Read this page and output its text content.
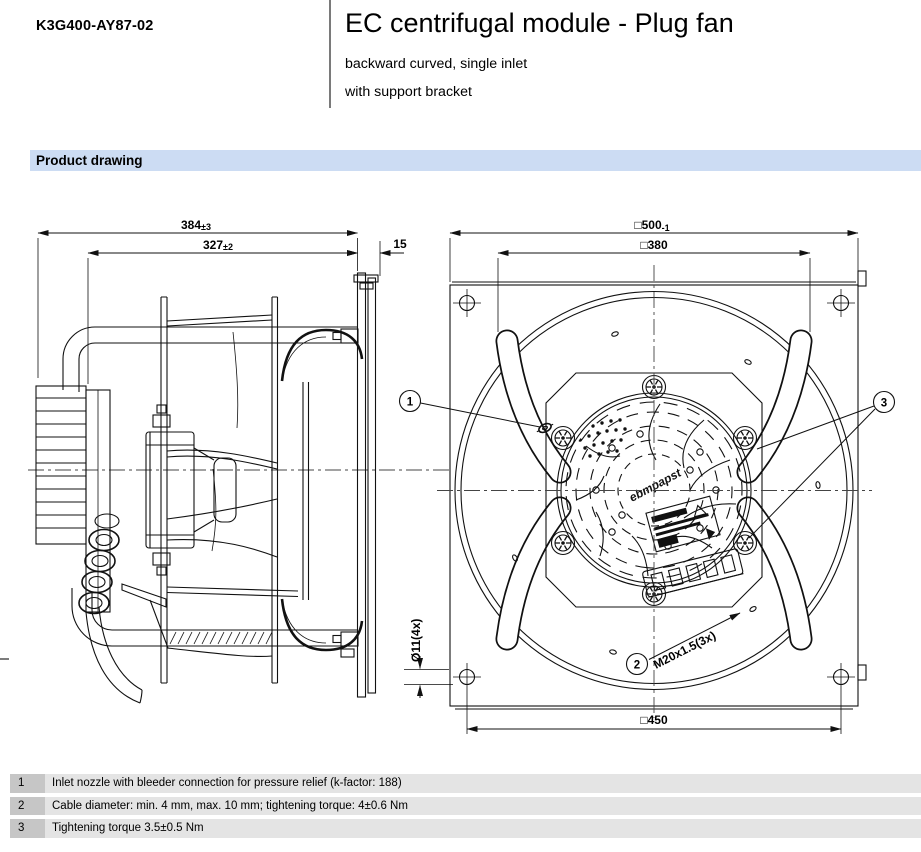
K3G400-AY87-02	EC centrifugal module - Plug fan
backward curved, single inlet
with support bracket
Product drawing
384±3
327±2	15
ebmpapst
□500-1
□380
□450
Ø11(4x)	M20x1.5(3x)
1
2
3
1	Inlet nozzle with bleeder connection for pressure relief (k-factor: 188)
2	Cable diameter: min. 4 mm, max. 10 mm; tightening torque: 4±0.6 Nm
3	Tightening torque 3.5±0.5 Nm
